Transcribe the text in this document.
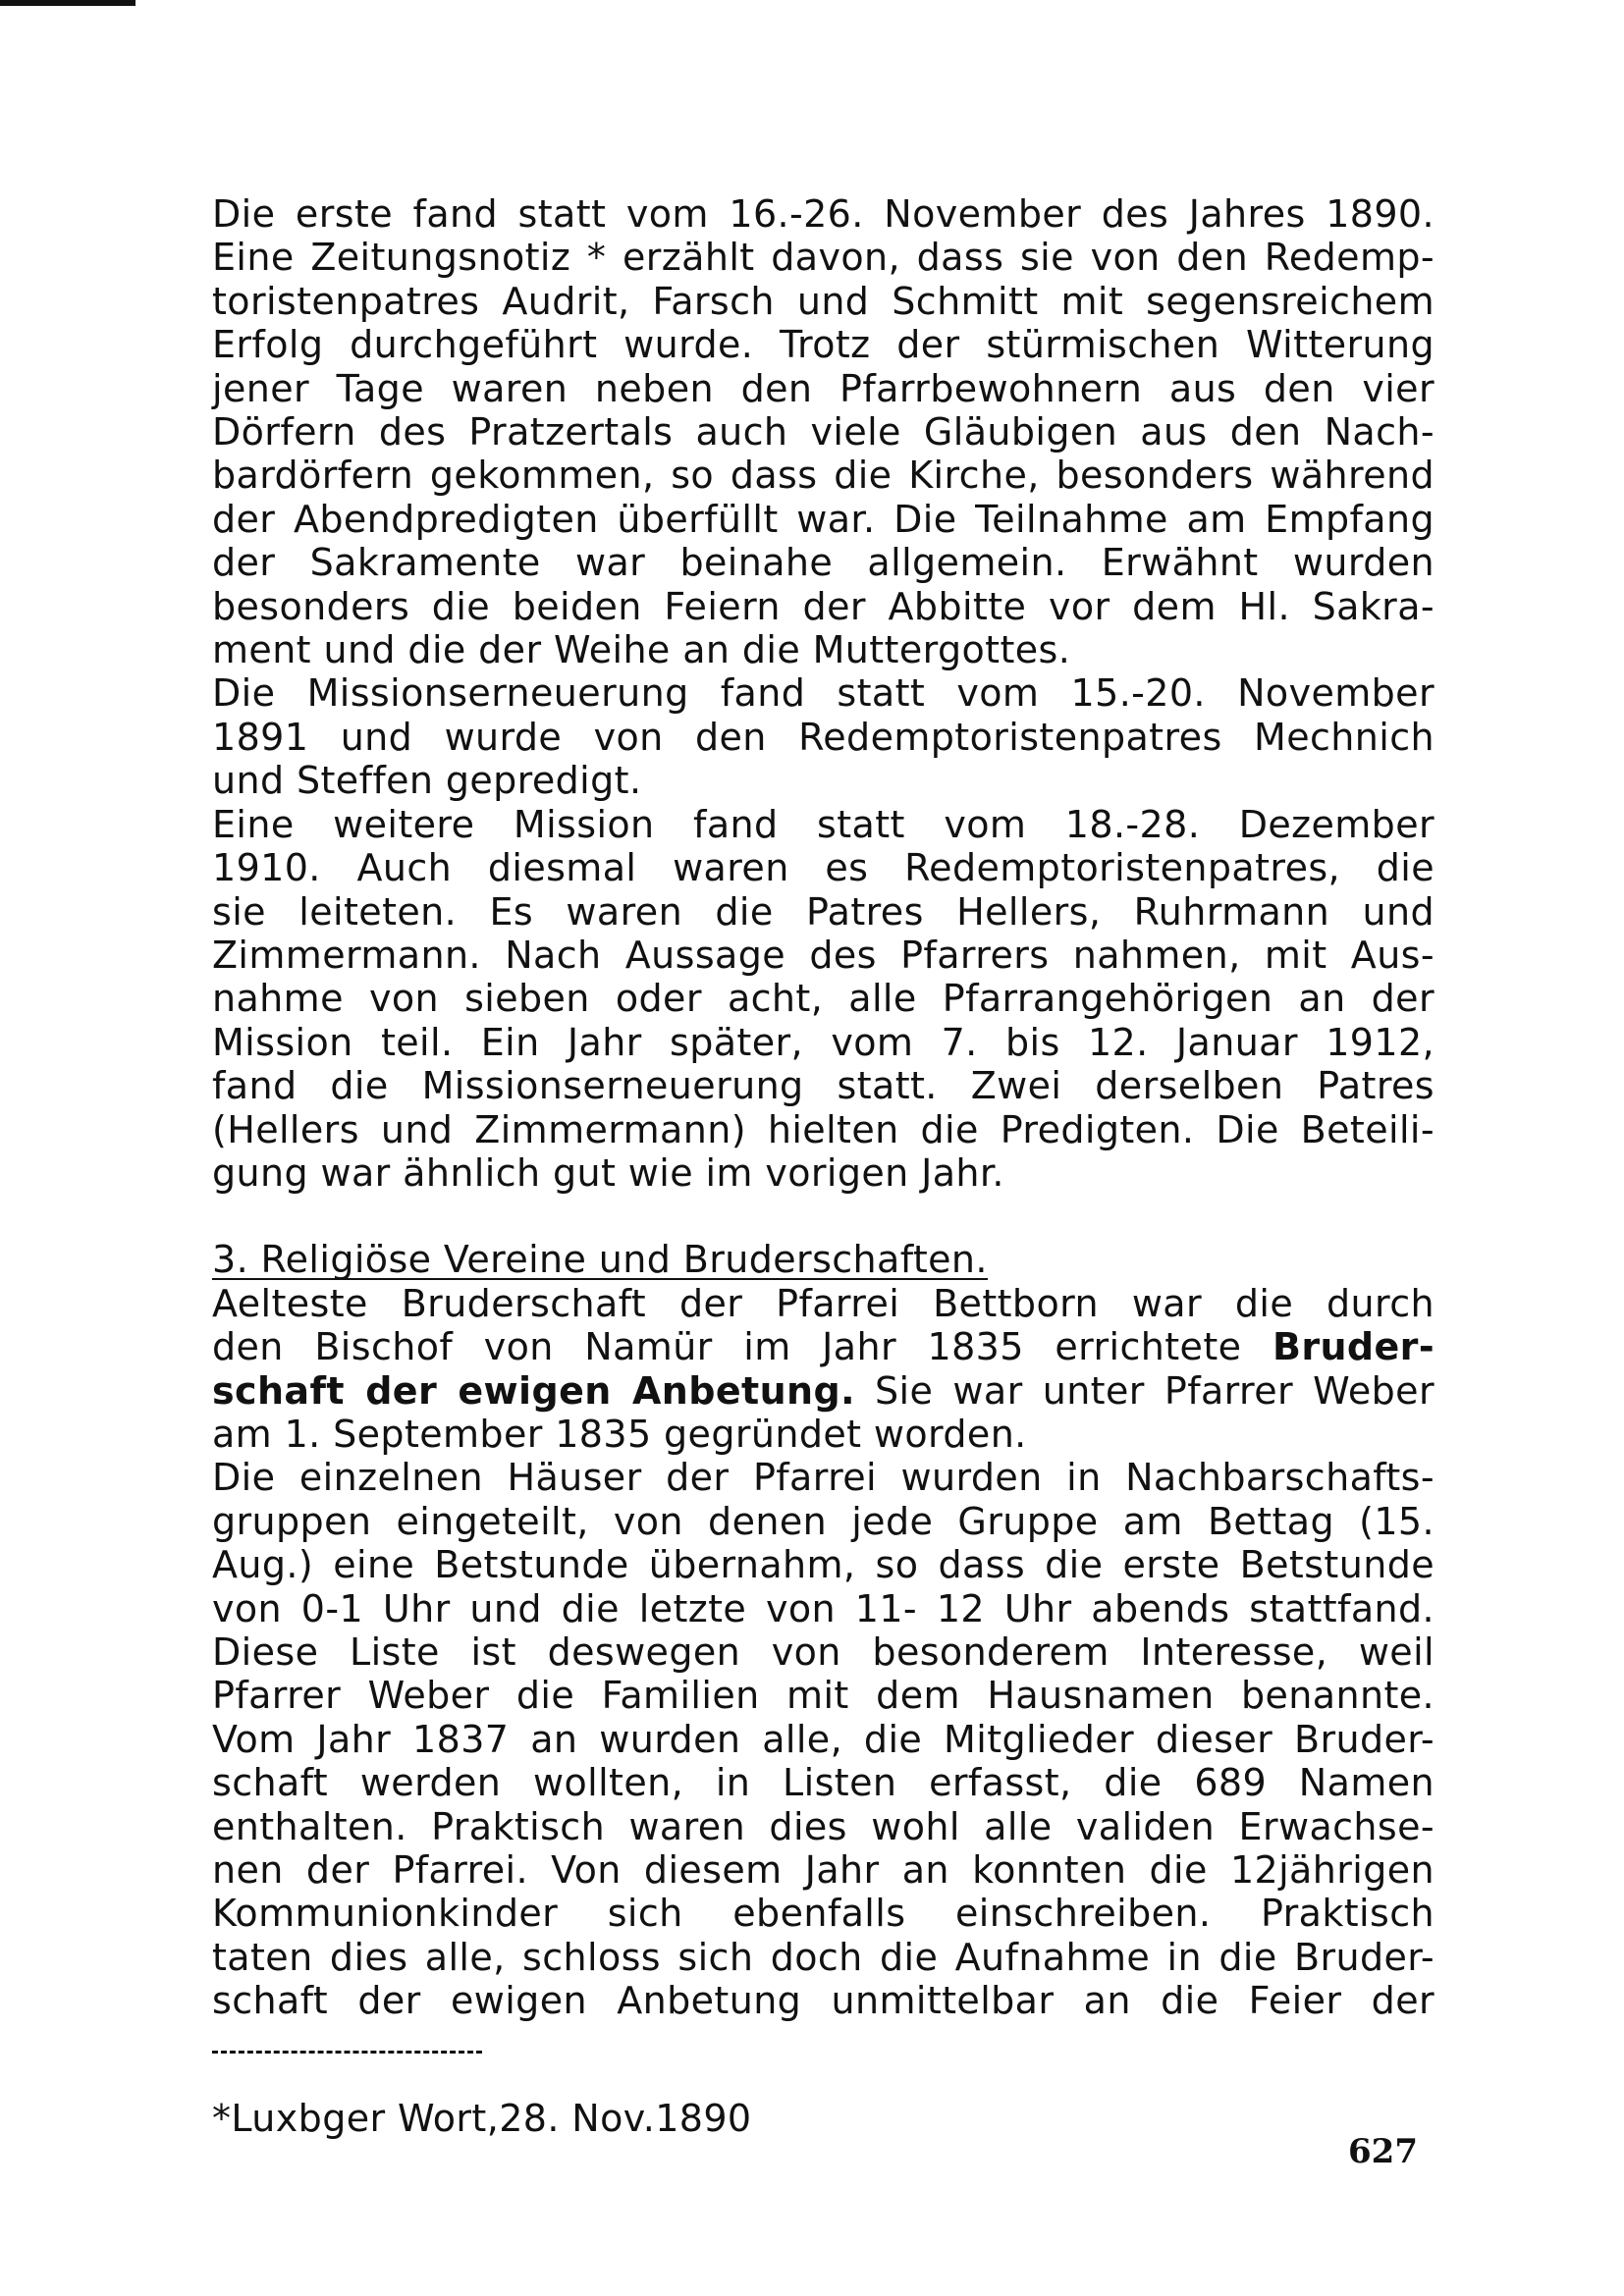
Die erste fand statt vom 16.-26. November des Jahres 1890.
Eine Zeitungsnotiz * erzählt davon, dass sie von den Redemp-
toristenpatres Audrit, Farsch und Schmitt mit segensreichem
Erfolg durchgeführt wurde. Trotz der stürmischen Witterung
jener Tage waren neben den Pfarrbewohnern aus den vier
Dörfern des Pratzertals auch viele Gläubigen aus den Nach-
bardörfern gekommen, so dass die Kirche, besonders während
der Abendpredigten überfüllt war. Die Teilnahme am Empfang
der Sakramente war beinahe allgemein. Erwähnt wurden
besonders die beiden Feiern der Abbitte vor dem Hl. Sakra-
ment und die der Weihe an die Muttergottes.
Die Missionserneuerung fand statt vom 15.-20. November
1891 und wurde von den Redemptoristenpatres Mechnich
und Steffen gepredigt.
Eine weitere Mission fand statt vom 18.-28. Dezember
1910. Auch diesmal waren es Redemptoristenpatres, die
sie leiteten. Es waren die Patres Hellers, Ruhrmann und
Zimmermann. Nach Aussage des Pfarrers nahmen, mit Aus-
nahme von sieben oder acht, alle Pfarrangehörigen an der
Mission teil. Ein Jahr später, vom 7. bis 12. Januar 1912,
fand die Missionserneuerung statt. Zwei derselben Patres
(Hellers und Zimmermann) hielten die Predigten. Die Beteili-
gung war ähnlich gut wie im vorigen Jahr.
3. Religiöse Vereine und Bruderschaften.
Aelteste Bruderschaft der Pfarrei Bettborn war die durch
den Bischof von Namür im Jahr 1835 errichtete Bruder-
schaft der ewigen Anbetung. Sie war unter Pfarrer Weber
am 1. September 1835 gegründet worden.
Die einzelnen Häuser der Pfarrei wurden in Nachbarschafts-
gruppen eingeteilt, von denen jede Gruppe am Bettag (15.
Aug.) eine Betstunde übernahm, so dass die erste Betstunde
von 0-1 Uhr und die letzte von 11- 12 Uhr abends stattfand.
Diese Liste ist deswegen von besonderem Interesse, weil
Pfarrer Weber die Familien mit dem Hausnamen benannte.
Vom Jahr 1837 an wurden alle, die Mitglieder dieser Bruder-
schaft werden wollten, in Listen erfasst, die 689 Namen
enthalten. Praktisch waren dies wohl alle validen Erwachse-
nen der Pfarrei. Von diesem Jahr an konnten die 12jährigen
Kommunionkinder sich ebenfalls einschreiben. Praktisch
taten dies alle, schloss sich doch die Aufnahme in die Bruder-
schaft der ewigen Anbetung unmittelbar an die Feier der
*Luxbger Wort,28. Nov.1890
627
